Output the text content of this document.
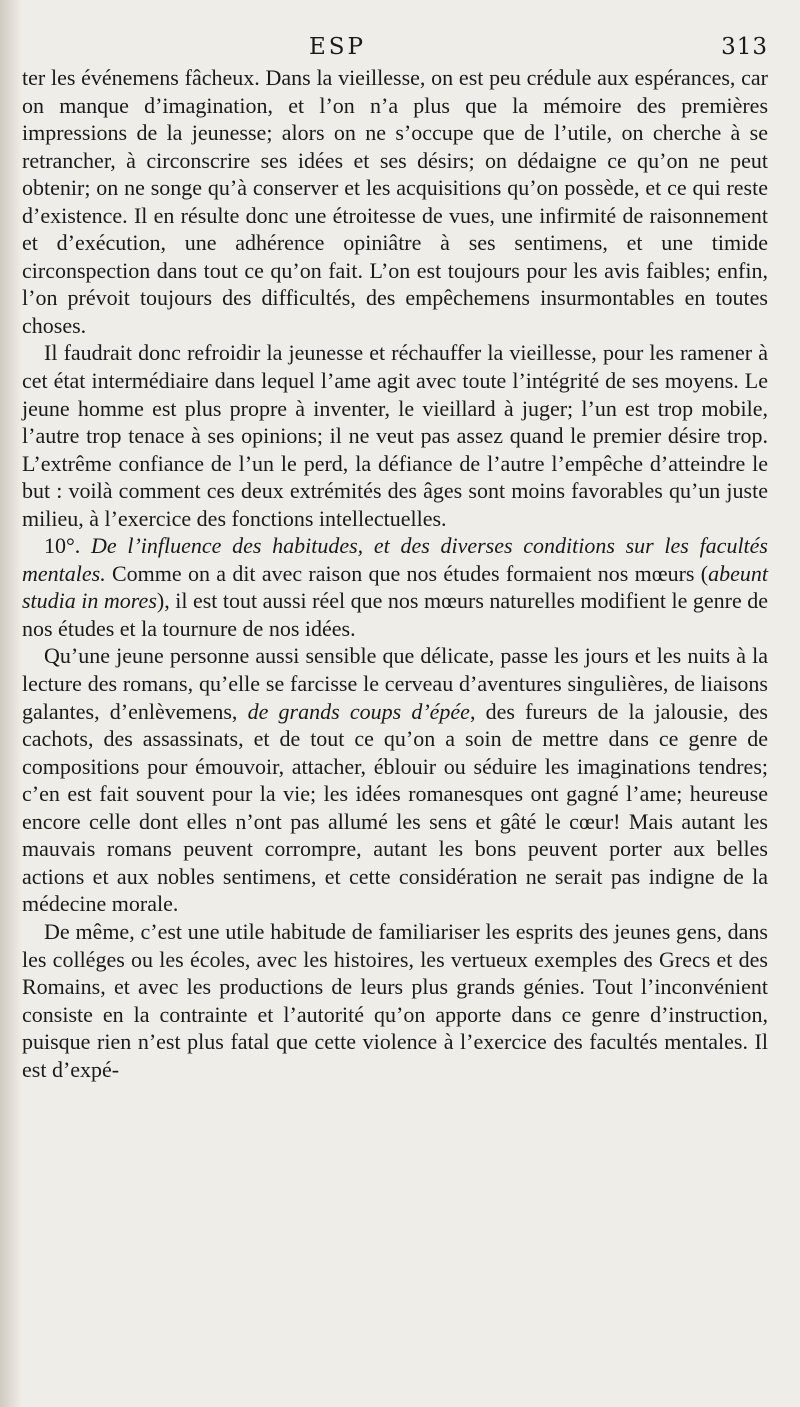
ESP	313

ter les événemens fâcheux. Dans la vieillesse, on est peu crédule aux espérances, car on manque d’imagination, et l’on n’a plus que la mémoire des premières impressions de la jeunesse; alors on ne s’occupe que de l’utile, on cherche à se retrancher, à circonscrire ses idées et ses désirs; on dédaigne ce qu’on ne peut obtenir; on ne songe qu’à conserver et les acquisitions qu’on possède, et ce qui reste d’existence. Il en résulte donc une étroitesse de vues, une infirmité de raisonnement et d’exécution, une adhérence opiniâtre à ses sentimens, et une timide circonspection dans tout ce qu’on fait. L’on est toujours pour les avis faibles; enfin, l’on prévoit toujours des difficultés, des empêchemens insurmontables en toutes choses.

Il faudrait donc refroidir la jeunesse et réchauffer la vieillesse, pour les ramener à cet état intermédiaire dans lequel l’ame agit avec toute l’intégrité de ses moyens. Le jeune homme est plus propre à inventer, le vieillard à juger; l’un est trop mobile, l’autre trop tenace à ses opinions; il ne veut pas assez quand le premier désire trop. L’extrême confiance de l’un le perd, la défiance de l’autre l’empêche d’atteindre le but : voilà comment ces deux extrémités des âges sont moins favorables qu’un juste milieu, à l’exercice des fonctions intellectuelles.

10°. De l’influence des habitudes, et des diverses conditions sur les facultés mentales. Comme on a dit avec raison que nos études formaient nos mœurs (abeunt studia in mores), il est tout aussi réel que nos mœurs naturelles modifient le genre de nos études et la tournure de nos idées.

Qu’une jeune personne aussi sensible que délicate, passe les jours et les nuits à la lecture des romans, qu’elle se farcisse le cerveau d’aventures singulières, de liaisons galantes, d’enlèvemens, de grands coups d’épée, des fureurs de la jalousie, des cachots, des assassinats, et de tout ce qu’on a soin de mettre dans ce genre de compositions pour émouvoir, attacher, éblouir ou séduire les imaginations tendres; c’en est fait souvent pour la vie; les idées romanesques ont gagné l’ame; heureuse encore celle dont elles n’ont pas allumé les sens et gâté le cœur! Mais autant les mauvais romans peuvent corrompre, autant les bons peuvent porter aux belles actions et aux nobles sentimens, et cette considération ne serait pas indigne de la médecine morale.

De même, c’est une utile habitude de familiariser les esprits des jeunes gens, dans les colléges ou les écoles, avec les histoires, les vertueux exemples des Grecs et des Romains, et avec les productions de leurs plus grands génies. Tout l’inconvénient consiste en la contrainte et l’autorité qu’on apporte dans ce genre d’instruction, puisque rien n’est plus fatal que cette violence à l’exercice des facultés mentales. Il est d’expé-
